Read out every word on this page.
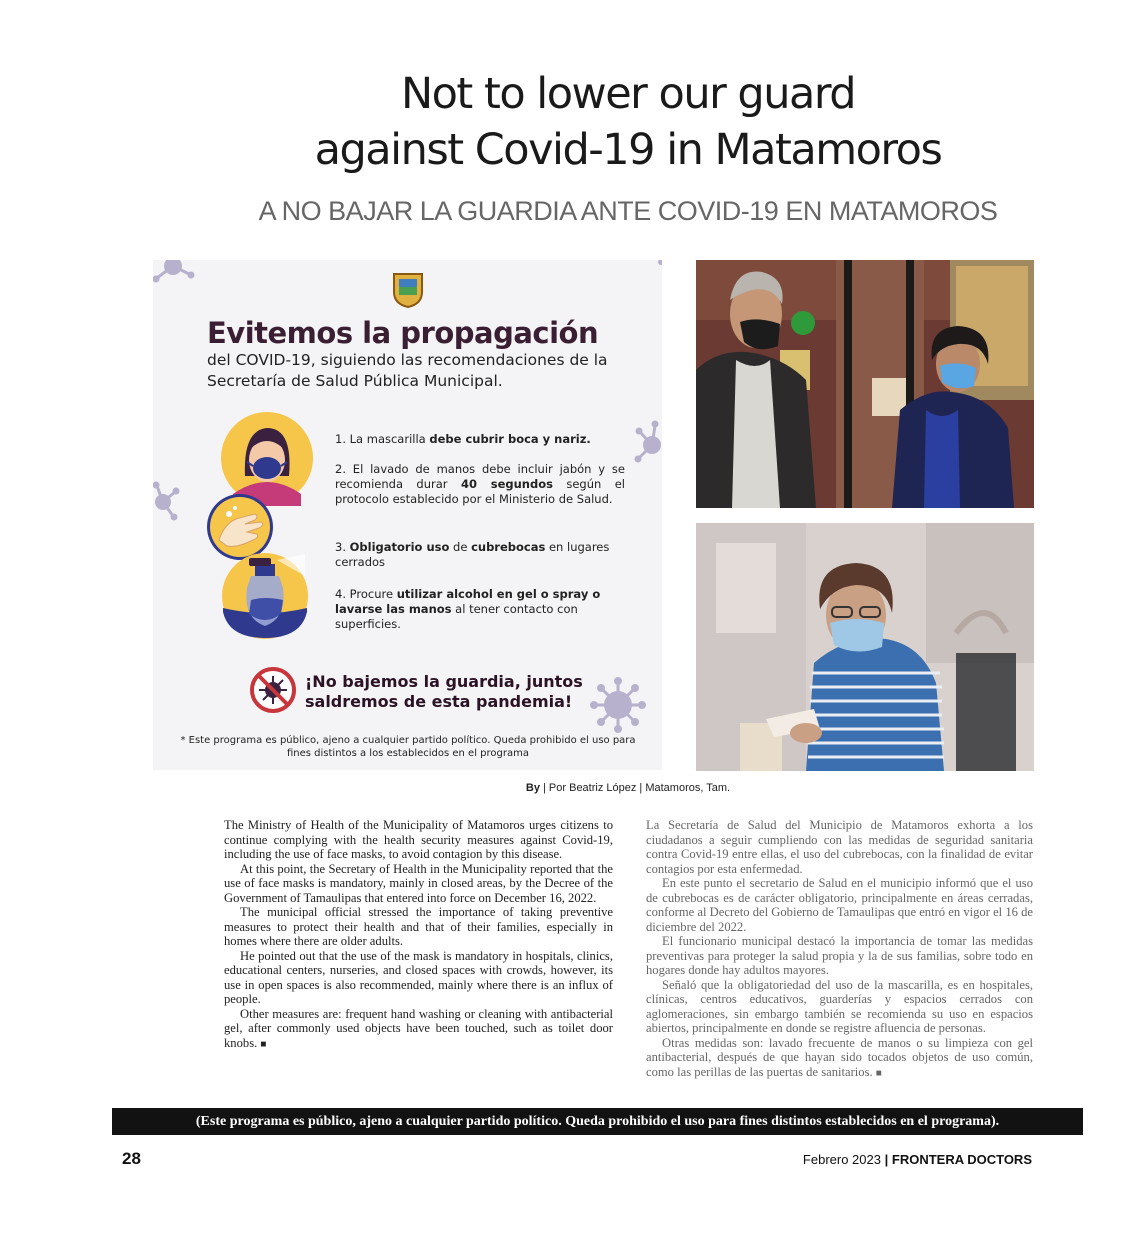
Not to lower our guard
against Covid-19 in Matamoros
A NO BAJAR LA GUARDIA ANTE COVID-19 EN MATAMOROS
Evitemos la propagación
del COVID-19, siguiendo las recomendaciones de la Secretaría de Salud Pública Municipal.
1. La mascarilla debe cubrir boca y nariz.
2. El lavado de manos debe incluir jabón y se recomienda durar 40 segundos según el protocolo establecido por el Ministerio de Salud.
3. Obligatorio uso de cubrebocas en lugares cerrados
4. Procure utilizar alcohol en gel o spray o lavarse las manos al tener contacto con superficies.
¡No bajemos la guardia, juntos
saldremos de esta pandemia!
* Este programa es público, ajeno a cualquier partido político. Queda prohibido el uso para fines distintos a los establecidos en el programa
By | Por Beatriz López | Matamoros, Tam.

The Ministry of Health of the Municipality of Matamoros urges citizens to continue complying with the health security measures against Covid-19, including the use of face masks, to avoid contagion by this disease.

At this point, the Secretary of Health in the Municipality reported that the use of face masks is mandatory, mainly in closed areas, by the Decree of the Government of Tamaulipas that entered into force on December 16, 2022.

The municipal official stressed the importance of taking preventive measures to protect their health and that of their families, especially in homes where there are older adults.

He pointed out that the use of the mask is mandatory in hospitals, clinics, educational centers, nurseries, and closed spaces with crowds, however, its use in open spaces is also recommended, mainly where there is an influx of people.

Other measures are: frequent hand washing or cleaning with antibacterial gel, after commonly used objects have been touched, such as toilet door knobs. ■

La Secretaría de Salud del Municipio de Matamoros exhorta a los ciudadanos a seguir cumpliendo con las medidas de seguridad sanitaria contra Covid-19 entre ellas, el uso del cubrebocas, con la finalidad de evitar contagios por esta enfermedad.

En este punto el secretario de Salud en el municipio informó que el uso de cubrebocas es de carácter obligatorio, principalmente en áreas cerradas, conforme al Decreto del Gobierno de Tamaulipas que entró en vigor el 16 de diciembre del 2022.

El funcionario municipal destacó la importancia de tomar las medidas preventivas para proteger la salud propia y la de sus familias, sobre todo en hogares donde hay adultos mayores.

Señaló que la obligatoriedad del uso de la mascarilla, es en hospitales, clínicas, centros educativos, guarderías y espacios cerrados con aglomeraciones, sin embargo también se recomienda su uso en espacios abiertos, principalmente en donde se registre afluencia de personas.

Otras medidas son: lavado frecuente de manos o su limpieza con gel antibacterial, después de que hayan sido tocados objetos de uso común, como las perillas de las puertas de sanitarios. ■

(Este programa es público, ajeno a cualquier partido político. Queda prohibido el uso para fines distintos establecidos en el programa).
28	Febrero 2023 | FRONTERA DOCTORS
